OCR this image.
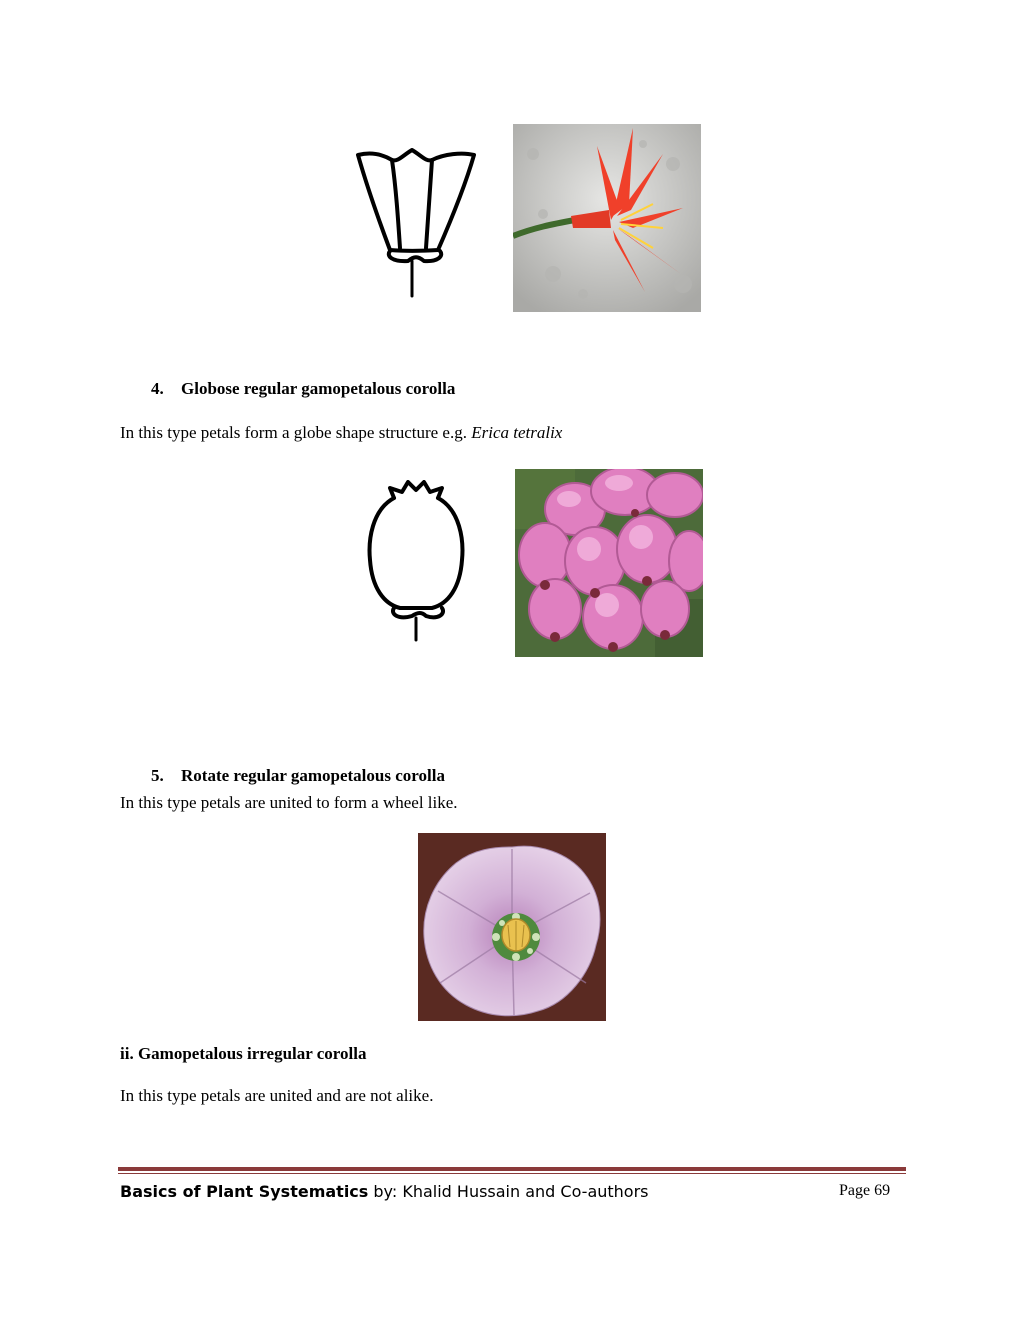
4. Globose regular gamopetalous corolla
In this type petals form a globe shape structure e.g. Erica tetralix
5. Rotate regular gamopetalous corolla
In this type petals are united to form a wheel like.
ii. Gamopetalous irregular corolla
In this type petals are united and are not alike.
Basics of Plant Systematics by: Khalid Hussain and Co-authors	Page 69
